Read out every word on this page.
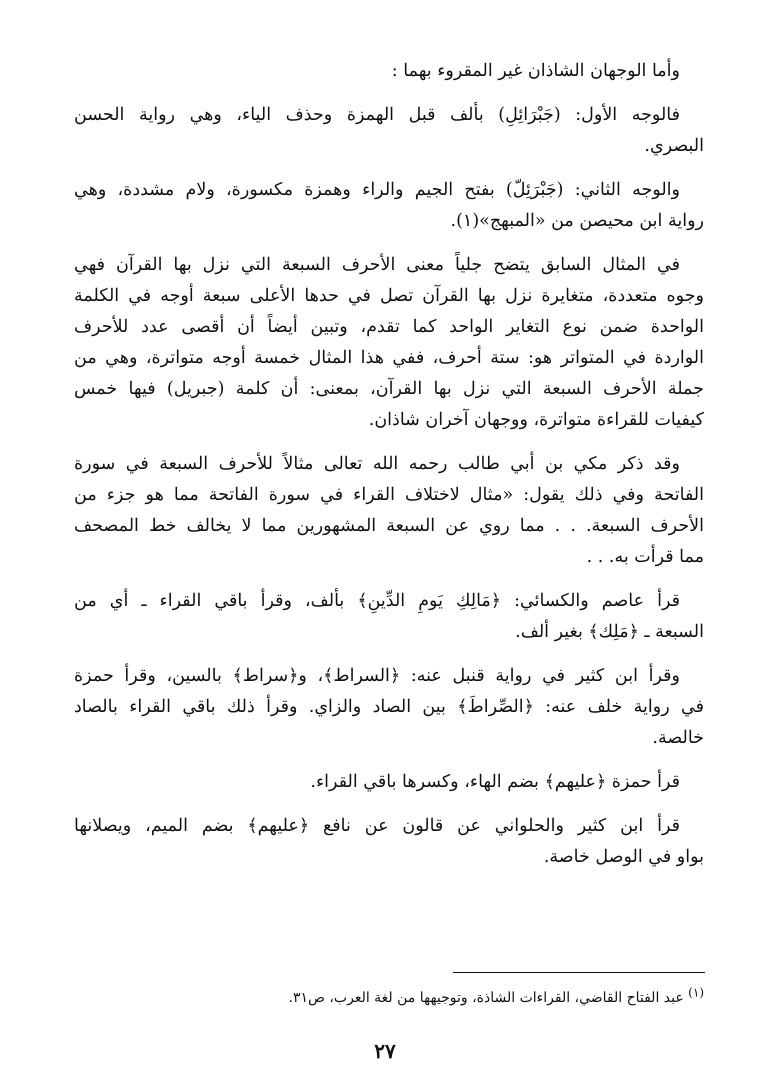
وأما الوجهان الشاذان غير المقروء بهما :
فالوجه الأول: (جَبْرَائِلِ) بألف قبل الهمزة وحذف الياء، وهي رواية الحسن
البصري.
والوجه الثاني: (جَبْرَئِلّ) بفتح الجيم والراء وهمزة مكسورة، ولام مشددة، وهي
رواية ابن محيصن من «المبهج»(١).
في المثال السابق يتضح جلياً معنى الأحرف السبعة التي نزل بها القرآن فهي
وجوه متعددة، متغايرة نزل بها القرآن تصل في حدها الأعلى سبعة أوجه في الكلمة
الواحدة ضمن نوع التغاير الواحد كما تقدم، وتبين أيضاً أن أقصى عدد للأحرف
الواردة في المتواتر هو: ستة أحرف، ففي هذا المثال خمسة أوجه متواترة، وهي من
جملة الأحرف السبعة التي نزل بها القرآن، بمعنى: أن كلمة (جبريل) فيها خمس
كيفيات للقراءة متواترة، ووجهان آخران شاذان.
وقد ذكر مكي بن أبي طالب رحمه الله تعالى مثالاً للأحرف السبعة في سورة
الفاتحة وفي ذلك يقول: «مثال لاختلاف القراء في سورة الفاتحة مما هو جزء من
الأحرف السبعة. . . مما روي عن السبعة المشهورين مما لا يخالف خط المصحف
مما قرأت به. . .
قرأ عاصم والكسائي: ﴿مَالِكِ يَومِ الدِّينِ﴾ بألف، وقرأ باقي القراء ـ أي من
السبعة ـ ﴿مَلِك﴾ بغير ألف.
وقرأ ابن كثير في رواية قنبل عنه: ﴿السراط﴾، و﴿سراط﴾ بالسين، وقرأ حمزة
في رواية خلف عنه: ﴿الصِّراطَ﴾ بين الصاد والزاي. وقرأ ذلك باقي القراء بالصاد
خالصة.
قرأ حمزة ﴿عليهم﴾ بضم الهاء، وكسرها باقي القراء.
قرأ ابن كثير والحلواني عن قالون عن نافع ﴿عليهم﴾ بضم الميم، ويصلانها
بواو في الوصل خاصة.
(١) عبد الفتاح القاضي، القراءات الشاذة، وتوجيهها من لغة العرب، ص٣١.
٢٧
